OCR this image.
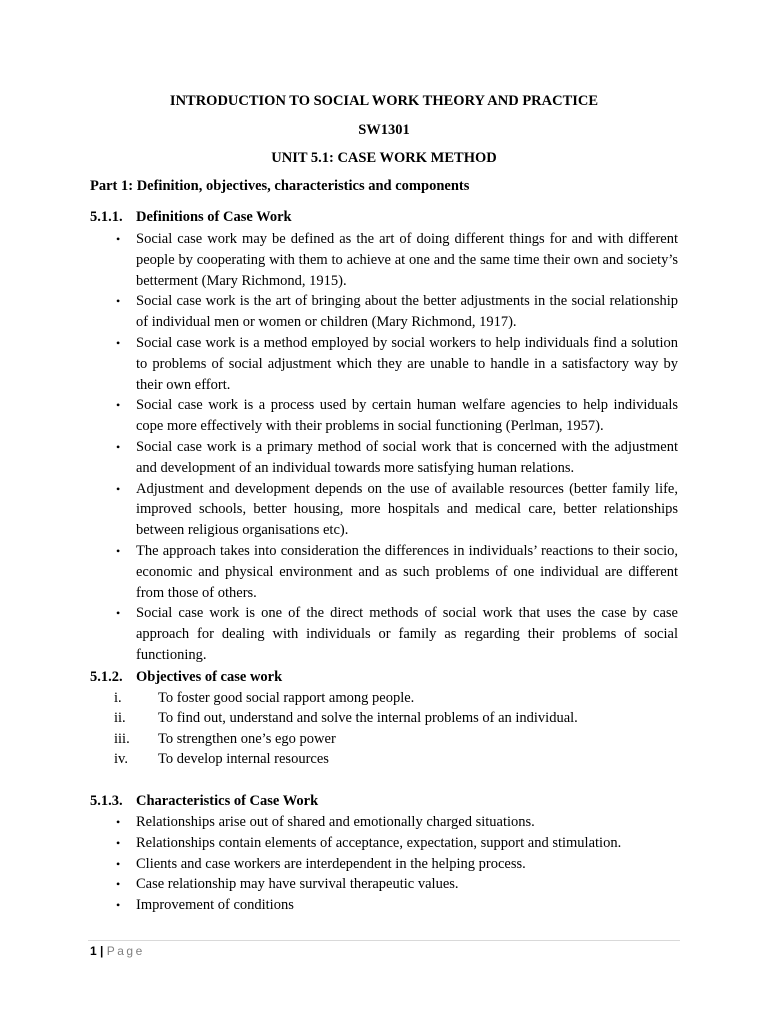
INTRODUCTION TO SOCIAL WORK THEORY AND PRACTICE
SW1301
UNIT 5.1: CASE WORK METHOD
Part 1: Definition, objectives, characteristics and components
5.1.1. Definitions of Case Work
• Social case work may be defined as the art of doing different things for and with different people by cooperating with them to achieve at one and the same time their own and society’s betterment (Mary Richmond, 1915).
• Social case work is the art of bringing about the better adjustments in the social relationship of individual men or women or children (Mary Richmond, 1917).
• Social case work is a method employed by social workers to help individuals find a solution to problems of social adjustment which they are unable to handle in a satisfactory way by their own effort.
• Social case work is a process used by certain human welfare agencies to help individuals cope more effectively with their problems in social functioning (Perlman, 1957).
• Social case work is a primary method of social work that is concerned with the adjustment and development of an individual towards more satisfying human relations.
• Adjustment and development depends on the use of available resources (better family life, improved schools, better housing, more hospitals and medical care, better relationships between religious organisations etc).
• The approach takes into consideration the differences in individuals’ reactions to their socio, economic and physical environment and as such problems of one individual are different from those of others.
• Social case work is one of the direct methods of social work that uses the case by case approach for dealing with individuals or family as regarding their problems of social functioning.
5.1.2. Objectives of case work
i.	To foster good social rapport among people.
ii. To find out, understand and solve the internal problems of an individual.
iii. To strengthen one’s ego power
iv. To develop internal resources
5.1.3. Characteristics of Case Work
• Relationships arise out of shared and emotionally charged situations.
• Relationships contain elements of acceptance, expectation, support and stimulation.
• Clients and case workers are interdependent in the helping process.
• Case relationship may have survival therapeutic values.
• Improvement of conditions
1 | Page
